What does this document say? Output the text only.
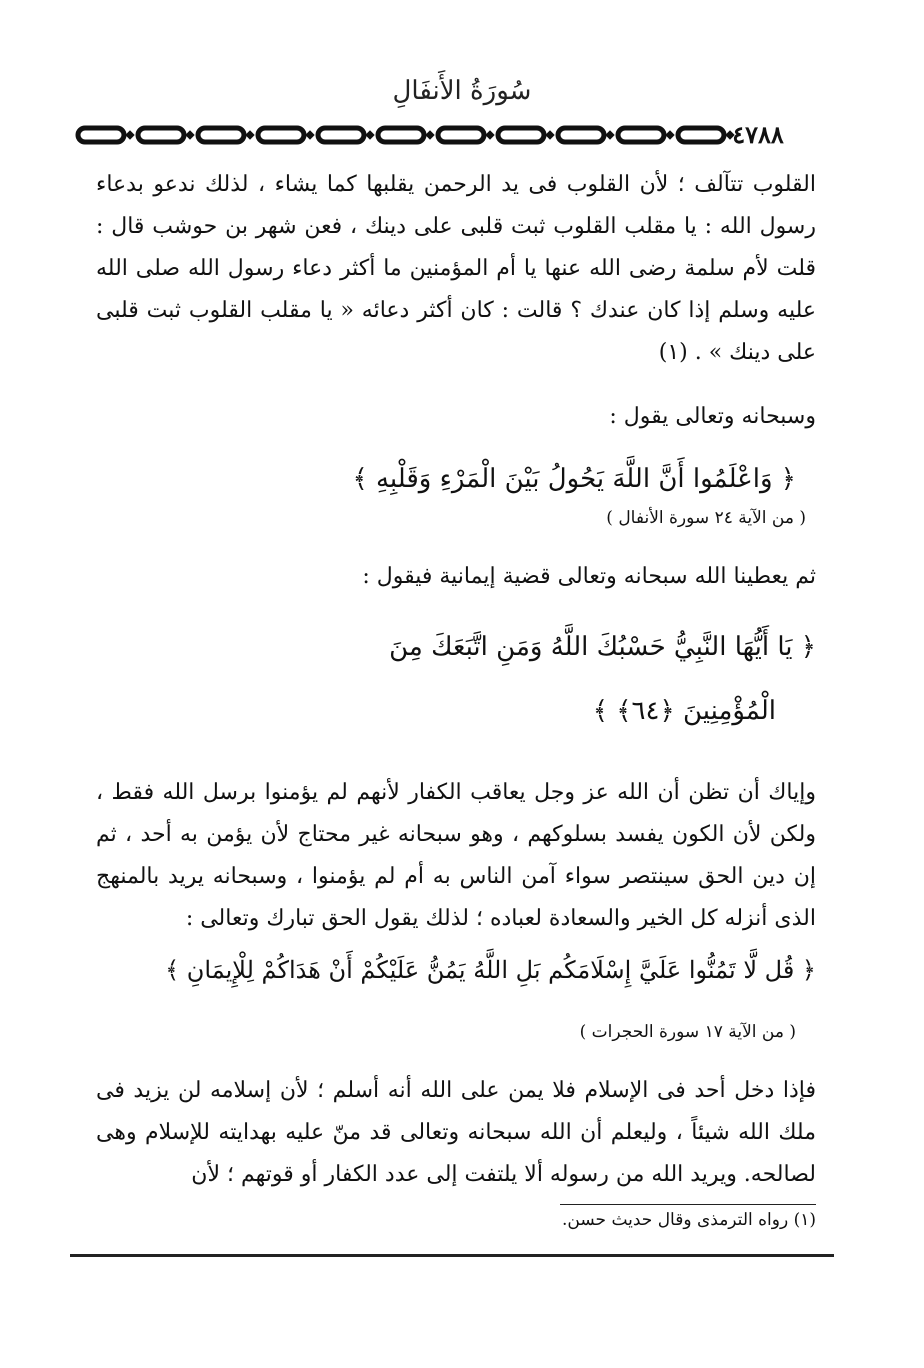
سُورَةُ الأَنفَالِ
٤٧٨٨

القلوب تتآلف ؛ لأن القلوب فى يد الرحمن يقلبها كما يشاء ، لذلك ندعو بدعاء رسول الله : يا مقلب القلوب ثبت قلبى على دينك ، فعن شهر بن حوشب قال : قلت لأم سلمة رضى الله عنها يا أم المؤمنين ما أكثر دعاء رسول الله صلى الله عليه وسلم إذا كان عندك ؟ قالت : كان أكثر دعائه « يا مقلب القلوب ثبت قلبى على دينك » . (١)

وسبحانه وتعالى يقول :

﴿ وَاعْلَمُوا أَنَّ اللَّهَ يَحُولُ بَيْنَ الْمَرْءِ وَقَلْبِهِ ﴾

( من الآية ٢٤ سورة الأنفال )

ثم يعطينا الله سبحانه وتعالى قضية إيمانية فيقول :

﴿ يَا أَيُّهَا النَّبِيُّ حَسْبُكَ اللَّهُ وَمَنِ اتَّبَعَكَ مِنَ

الْمُؤْمِنِينَ ﴿٦٤﴾ ﴾

وإياك أن تظن أن الله عز وجل يعاقب الكفار لأنهم لم يؤمنوا برسل الله فقط ، ولكن لأن الكون يفسد بسلوكهم ، وهو سبحانه غير محتاج لأن يؤمن به أحد ، ثم إن دين الحق سينتصر سواء آمن الناس به أم لم يؤمنوا ، وسبحانه يريد بالمنهج الذى أنزله كل الخير والسعادة لعباده ؛ لذلك يقول الحق تبارك وتعالى :

﴿ قُل لَّا تَمُنُّوا عَلَيَّ إِسْلَامَكُم بَلِ اللَّهُ يَمُنُّ عَلَيْكُمْ أَنْ هَدَاكُمْ لِلْإِيمَانِ ﴾

( من الآية ١٧ سورة الحجرات )

فإذا دخل أحد فى الإسلام فلا يمن على الله أنه أسلم ؛ لأن إسلامه لن يزيد فى ملك الله شيئاً ، وليعلم أن الله سبحانه وتعالى قد منّ عليه بهدايته للإسلام وهى لصالحه. ويريد الله من رسوله ألا يلتفت إلى عدد الكفار أو قوتهم ؛ لأن

(١) رواه الترمذى وقال حديث حسن.
